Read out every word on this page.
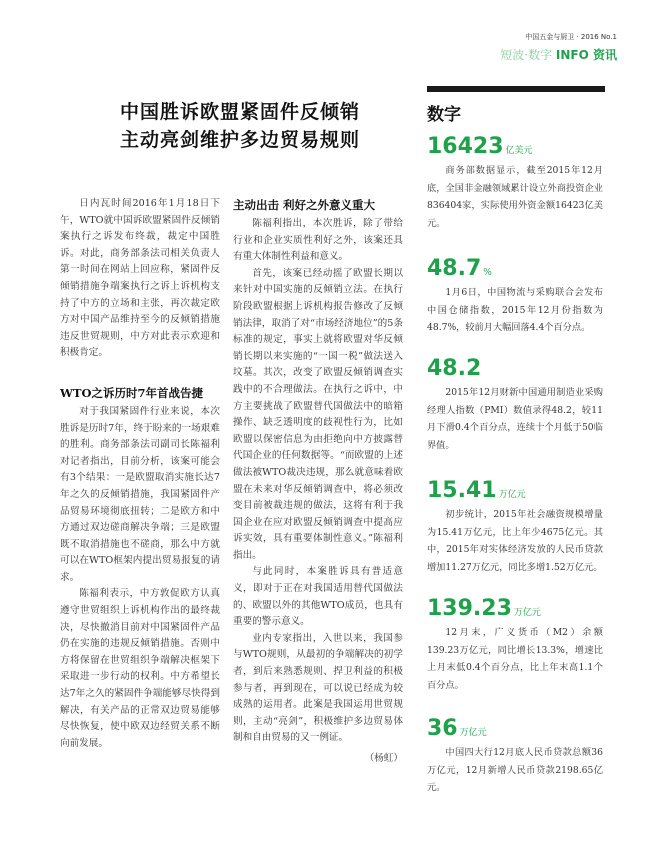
中国五金与厨卫 · 2016 No.1
短波·数字 INFO 资讯
中国胜诉欧盟紧固件反倾销
主动亮剑维护多边贸易规则

日内瓦时间2016年1月18日下午，WTO就中国诉欧盟紧固件反倾销案执行之诉发布终裁，裁定中国胜诉。对此，商务部条法司相关负责人第一时间在网站上回应称，紧固件反倾销措施争端案执行之诉上诉机构支持了中方的立场和主张，再次裁定欧方对中国产品维持至今的反倾销措施违反世贸规则，中方对此表示欢迎和积极肯定。

WTO之诉历时7年首战告捷

对于我国紧固件行业来说，本次胜诉是历时7年，终于盼来的一场艰难的胜利。商务部条法司副司长陈福利对记者指出，目前分析，该案可能会有3个结果：一是欧盟取消实施长达7年之久的反倾销措施，我国紧固件产品贸易环境彻底扭转；二是欧方和中方通过双边磋商解决争端；三是欧盟既不取消措施也不磋商，那么中方就可以在WTO框架内提出贸易报复的请求。

陈福利表示，中方敦促欧方认真遵守世贸组织上诉机构作出的最终裁决，尽快撤消目前对中国紧固件产品仍在实施的违规反倾销措施。否则中方将保留在世贸组织争端解决框架下采取进一步行动的权利。中方希望长达7年之久的紧固件争端能够尽快得到解决，有关产品的正常双边贸易能够尽快恢复，使中欧双边经贸关系不断向前发展。

主动出击 利好之外意义重大

陈福利指出，本次胜诉，除了带给行业和企业实质性利好之外，该案还具有重大体制性利益和意义。

首先，该案已经动摇了欧盟长期以来针对中国实施的反倾销立法。在执行阶段欧盟根据上诉机构报告修改了反倾销法律，取消了对“市场经济地位”的5条标准的规定，事实上就将欧盟对华反倾销长期以来实施的“一国一税”做法送入坟墓。其次，改变了欧盟反倾销调查实践中的不合理做法。在执行之诉中，中方主要挑战了欧盟替代国做法中的暗箱操作、缺乏透明度的歧视性行为，比如欧盟以保密信息为由拒绝向中方披露替代国企业的任何数据等。“而欧盟的上述做法被WTO裁决违规，那么就意味着欧盟在未来对华反倾销调查中，将必须改变目前被裁违规的做法，这将有利于我国企业在应对欧盟反倾销调查中提高应诉实效，具有重要体制性意义。”陈福利指出。

与此同时，本案胜诉具有普适意义，即对于正在对我国适用替代国做法的、欧盟以外的其他WTO成员，也具有重要的警示意义。

业内专家指出，入世以来，我国参与WTO规则，从最初的争端解决的初学者，到后来熟悉规则、捍卫利益的积极参与者，再到现在，可以说已经成为较成熟的运用者。此案是我国运用世贸规则，主动“亮剑”，积极维护多边贸易体制和自由贸易的又一例证。

（杨虹）

数字
16423 亿美元

商务部数据显示，截至2015年12月底，全国非金融领域累计设立外商投资企业836404家，实际使用外资金额16423亿美元。

48.7 %

1月6日，中国物流与采购联合会发布中国仓储指数，2015年12月份指数为48.7%，较前月大幅回落4.4个百分点。

48.2

2015年12月财新中国通用制造业采购经理人指数（PMI）数值录得48.2，较11月下滑0.4个百分点，连续十个月低于50临界值。

15.41 万亿元

初步统计，2015年社会融资规模增量为15.41万亿元，比上年少4675亿元。其中，2015年对实体经济发放的人民币贷款增加11.27万亿元，同比多增1.52万亿元。

139.23 万亿元

12月末，广义货币（M2）余额139.23万亿元，同比增长13.3%，增速比上月末低0.4个百分点，比上年末高1.1个百分点。

36 万亿元

中国四大行12月底人民币贷款总额36万亿元，12月新增人民币贷款2198.65亿元。
